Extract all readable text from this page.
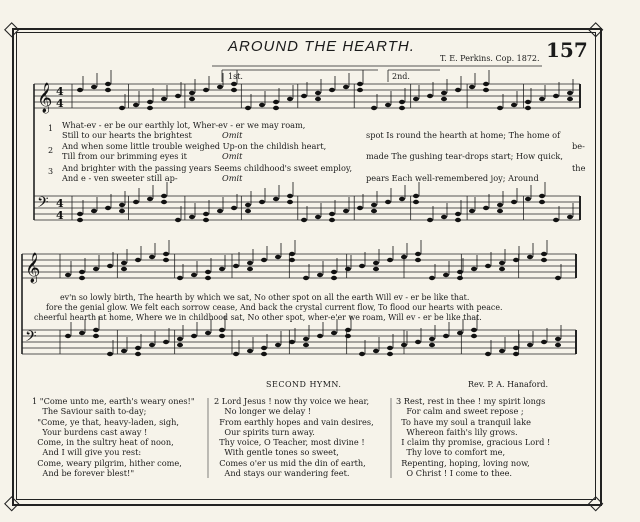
◇	◇
◇	◇
AROUND THE HEARTH.
T. E. Perkins. Cop. 1872. 157
1st.	2nd.
𝄞 4
4
𝄢 4
4
𝄞
𝄢
1
2
3
What-ev - er be our earthly lot, Wher-ev - er we may roam,
Still to our hearts the brightest
And when some little trouble weighed Up-on the childish heart,
Till from our brimming eyes it
And brighter with the passing years Seems childhood's sweet employ,
And e - ven sweeter still ap-
Omit
Omit
Omit
spot Is round the hearth at home; The home of
be-
made The gushing tear-drops start; How quick,
the
pears Each well-remembered joy; Around
ev'n so lowly birth, The hearth by which we sat, No other spot on all the earth Will ev - er be like that.
fore the genial glow. We felt each sorrow cease, And back the crystal current flow, To flood our hearts with peace.
cheerful hearth at home, Where we in childhood sat, No other spot, wher-e'er we roam, Will ev - er be like that.
SECOND HYMN.	Rev. P. A. Hanaford.
1 "Come unto me, earth's weary ones!"
The Saviour saith to-day;
"Come, ye that, heavy-laden, sigh,
Your burdens cast away !
Come, in the sultry heat of noon,
And I will give you rest:
Come, weary pilgrim, hither come,
And be forever blest!"
2 Lord Jesus ! now thy voice we hear,
No longer we delay !
From earthly hopes and vain desires,
Our spirits turn away.
Thy voice, O Teacher, most divine !
With gentle tones so sweet,
Comes o'er us mid the din of earth,
And stays our wandering feet.
3 Rest, rest in thee ! my spirit longs
For calm and sweet repose ;
To have my soul a tranquil lake
Whereon faith's lily grows.
I claim thy promise, gracious Lord !
Thy love to comfort me,
Repenting, hoping, loving now,
O Christ ! I come to thee.
